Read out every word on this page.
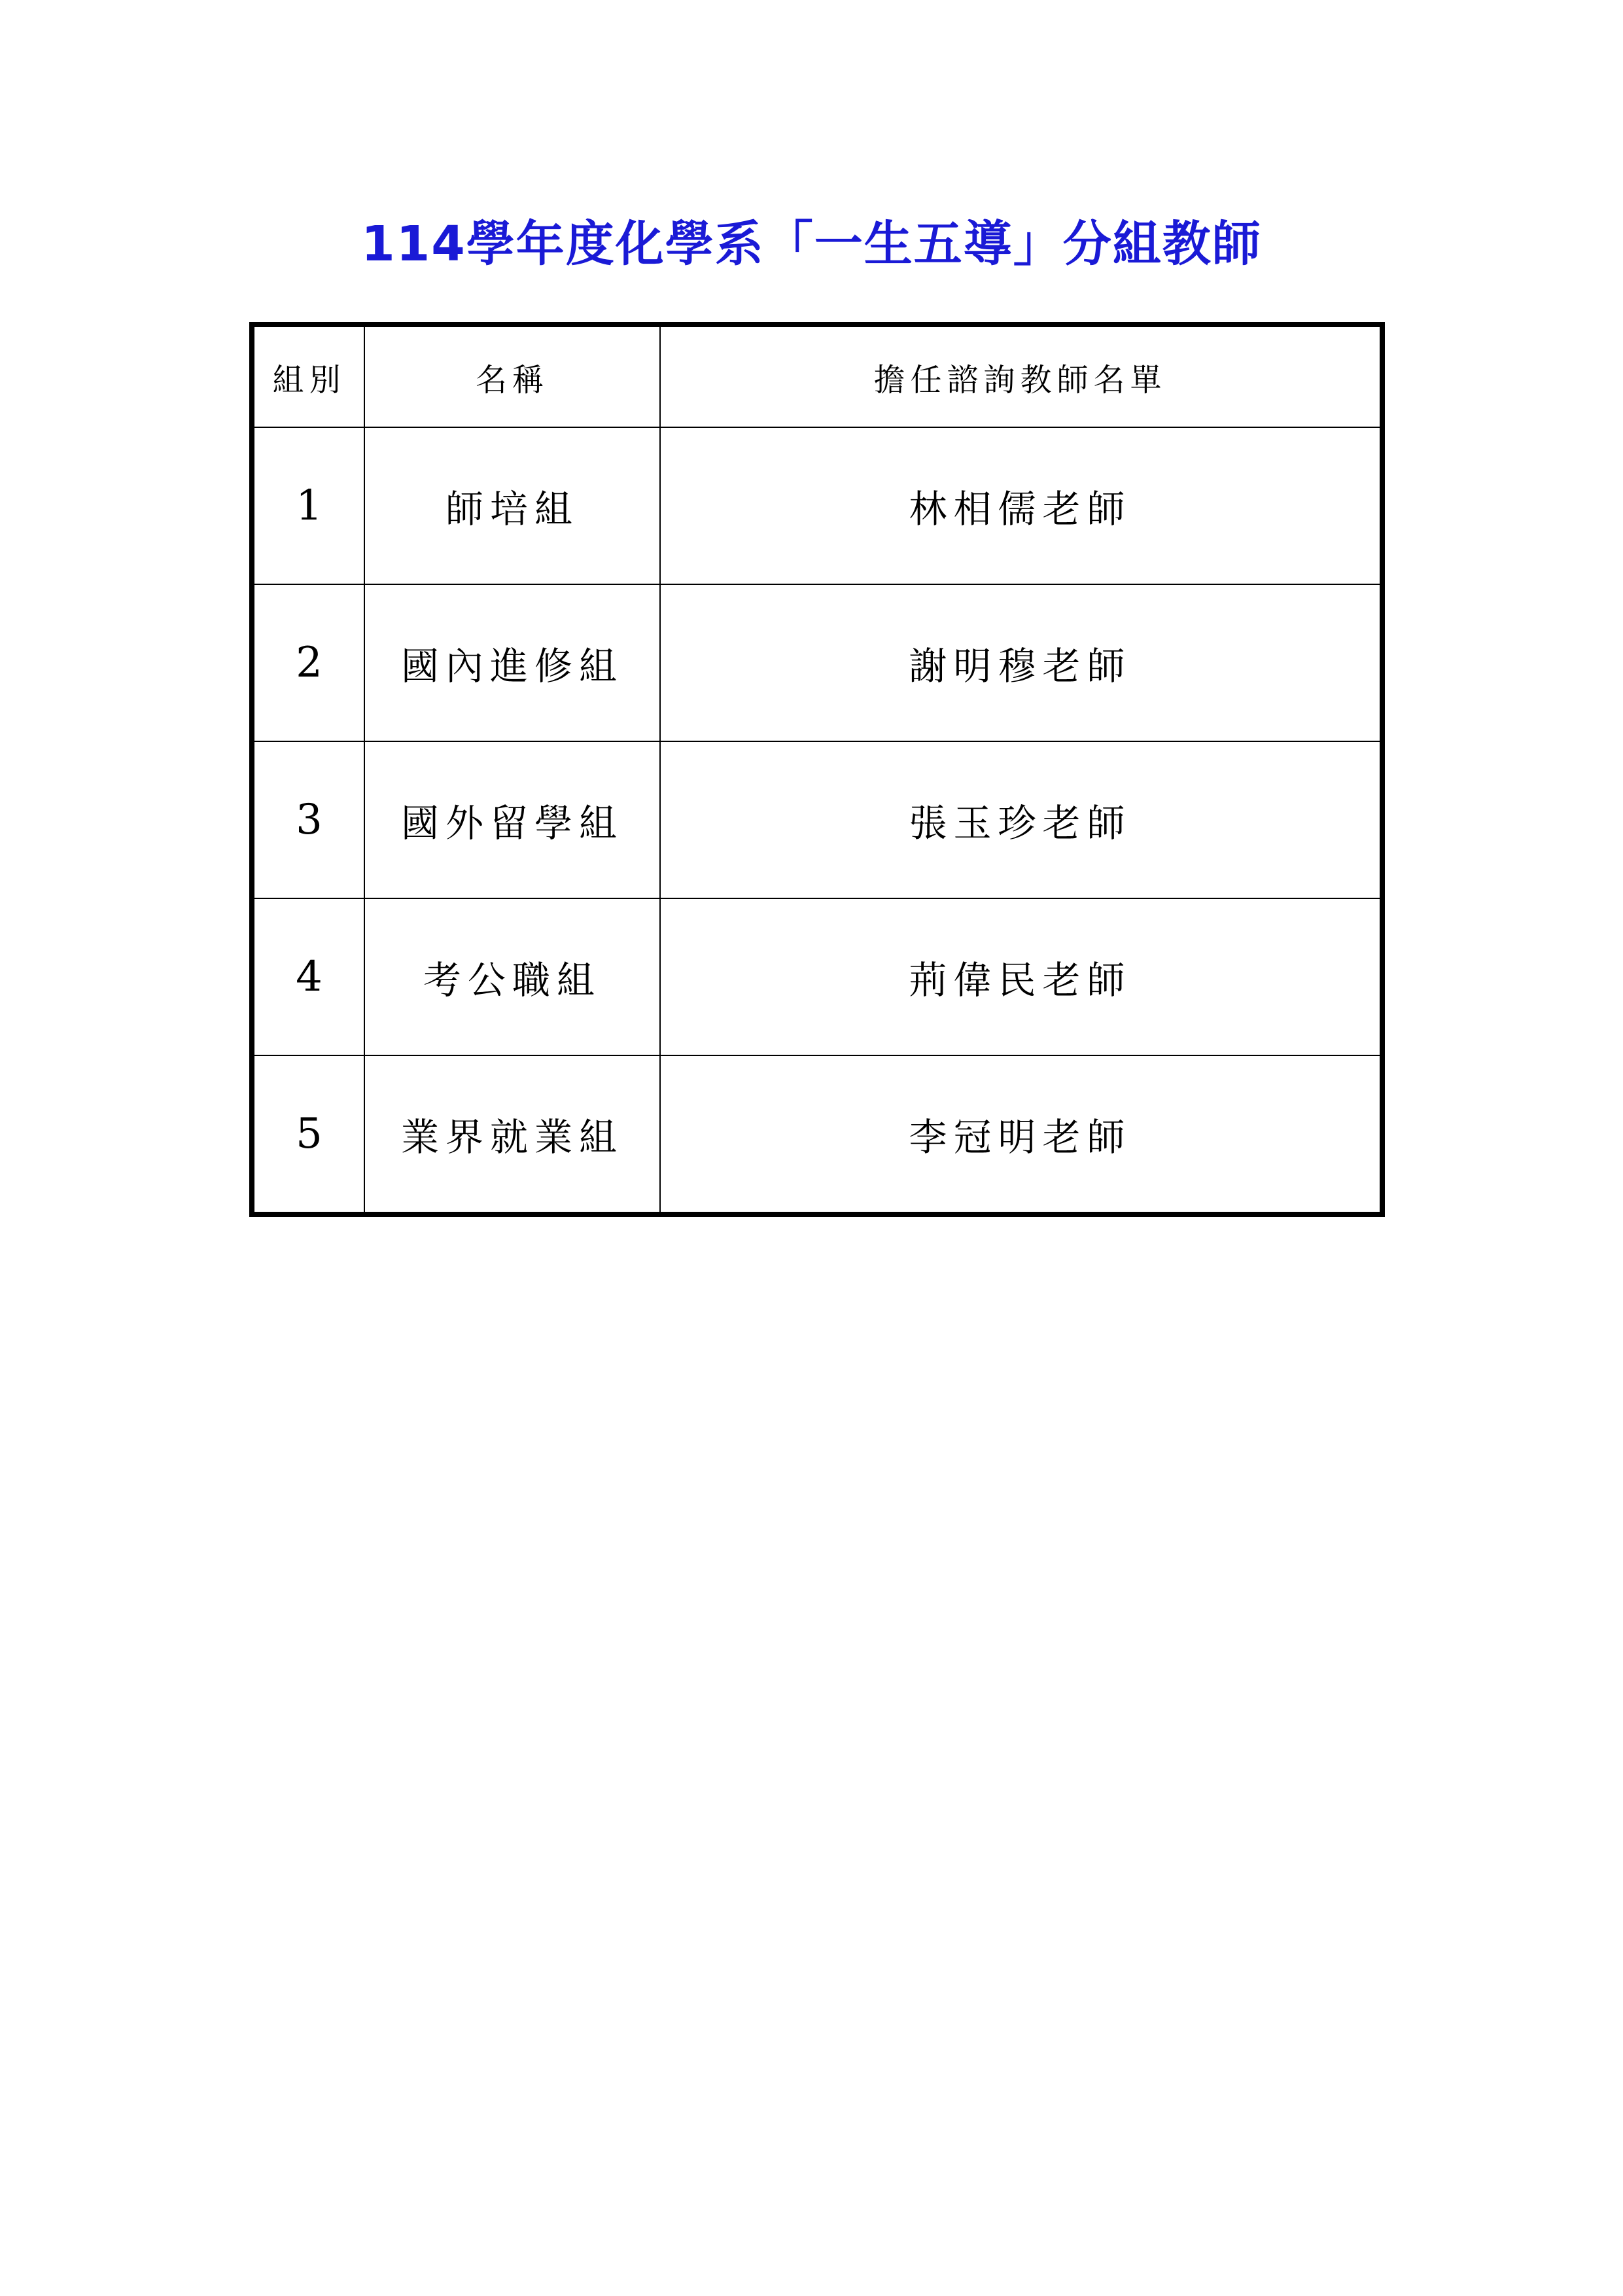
114學年度化學系「一生五導」分組教師
組別	名稱	擔任諮詢教師名單
1	師培組	林相儒老師
2	國內進修組	謝明穆老師
3	國外留學組	張玉珍老師
4	考公職組	荊偉民老師
5	業界就業組	李冠明老師
